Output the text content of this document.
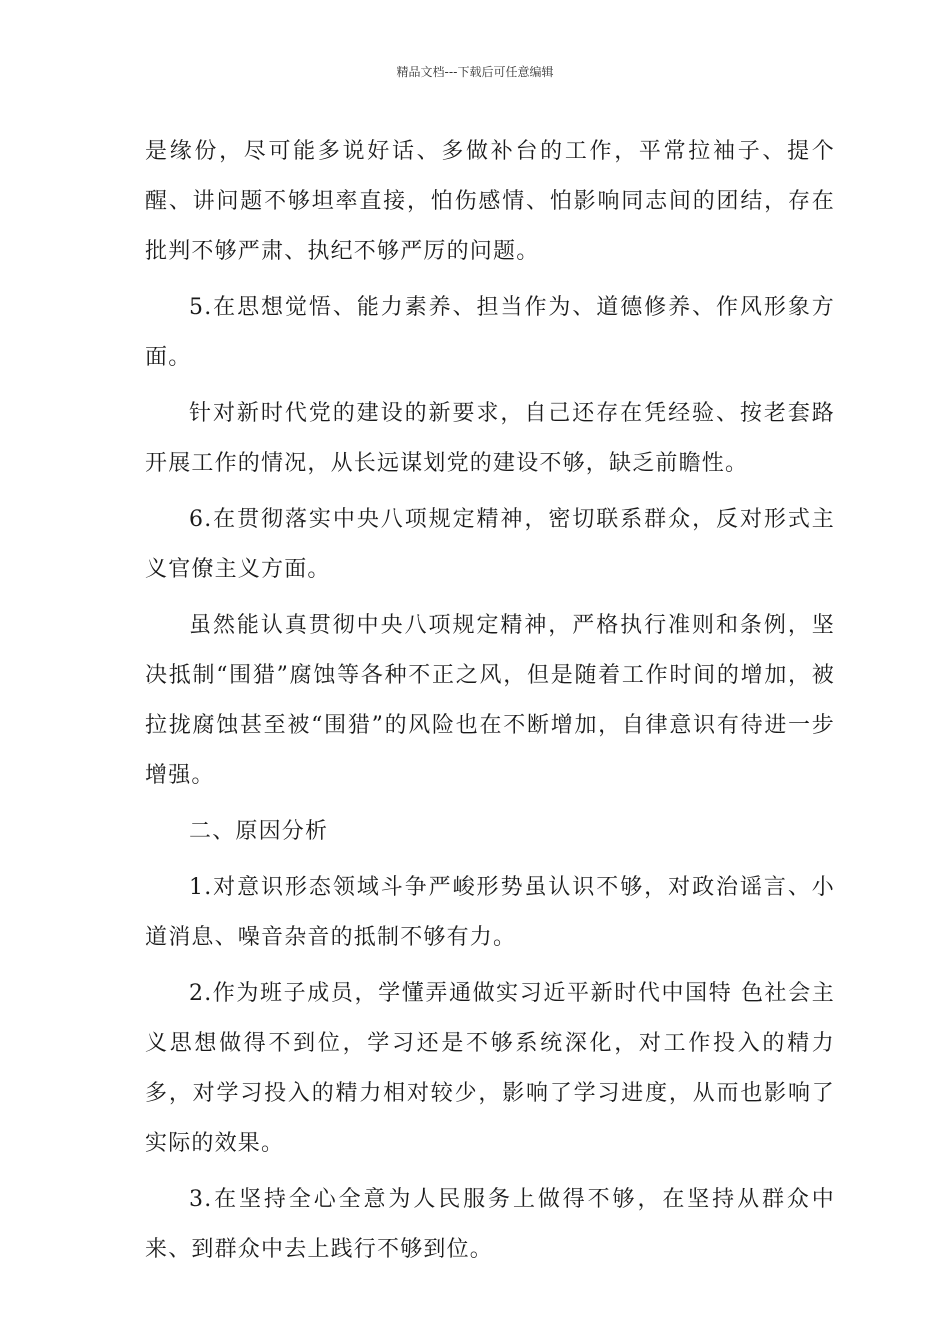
精品文档---下载后可任意编辑

是缘份，尽可能多说好话、多做补台的工作，平常拉袖子、提个醒、讲问题不够坦率直接，怕伤感情、怕影响同志间的团结，存在批判不够严肃、执纪不够严厉的问题。

5.在思想觉悟、能力素养、担当作为、道德修养、作风形象方面。

针对新时代党的建设的新要求，自己还存在凭经验、按老套路开展工作的情况，从长远谋划党的建设不够，缺乏前瞻性。

6.在贯彻落实中央八项规定精神，密切联系群众，反对形式主义官僚主义方面。

虽然能认真贯彻中央八项规定精神，严格执行准则和条例，坚决抵制“围猎”腐蚀等各种不正之风，但是随着工作时间的增加，被拉拢腐蚀甚至被“围猎”的风险也在不断增加，自律意识有待进一步增强。

二、原因分析

1.对意识形态领域斗争严峻形势虽认识不够，对政治谣言、小道消息、噪音杂音的抵制不够有力。

2.作为班子成员，学懂弄通做实习近平新时代中国特 色社会主义思想做得不到位，学习还是不够系统深化，对工作投入的精力多，对学习投入的精力相对较少，影响了学习进度，从而也影响了实际的效果。

3.在坚持全心全意为人民服务上做得不够，在坚持从群众中来、到群众中去上践行不够到位。
